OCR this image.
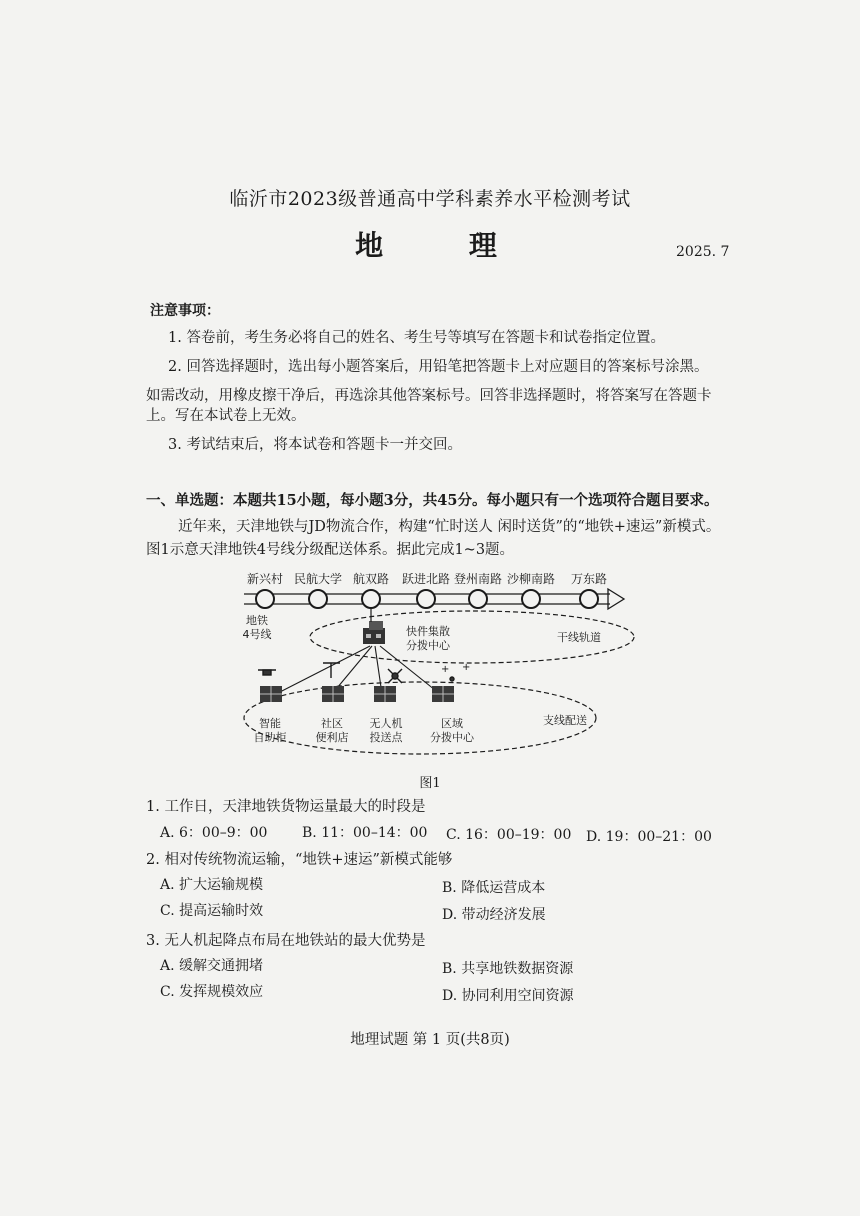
临沂市2023级普通高中学科素养水平检测考试
地 理	2025. 7
注意事项：
1. 答卷前，考生务必将自己的姓名、考生号等填写在答题卡和试卷指定位置。
2. 回答选择题时，选出每小题答案后，用铅笔把答题卡上对应题目的答案标号涂黑。
如需改动，用橡皮擦干净后，再选涂其他答案标号。回答非选择题时，将答案写在答题卡
上。写在本试卷上无效。
3. 考试结束后，将本试卷和答题卡一并交回。
一、单选题：本题共15小题，每小题3分，共45分。每小题只有一个选项符合题目要求。
近年来，天津地铁与JD物流合作，构建“忙时送人 闲时送货”的“地铁+速运”新模式。
图1示意天津地铁4号线分级配送体系。据此完成1~3题。
新兴村 民航大学 航双路 跃进北路 登州南路 沙柳南路 万东路
地铁
4号线	快件集散
分拨中心
干线轨道
支线配送
+ +
智能
自助柜
社区
便利店
无人机
投送点
区域
分拨中心
图1
1. 工作日，天津地铁货物运量最大的时段是
A. 6：00–9：00 B. 11：00–14：00 C. 16：00–19：00 D. 19：00–21：00
2. 相对传统物流运输，“地铁+速运”新模式能够
A. 扩大运输规模	B. 降低运营成本
C. 提高运输时效	D. 带动经济发展
3. 无人机起降点布局在地铁站的最大优势是
A. 缓解交通拥堵	B. 共享地铁数据资源
C. 发挥规模效应	D. 协同利用空间资源
地理试题 第 1 页(共8页)
